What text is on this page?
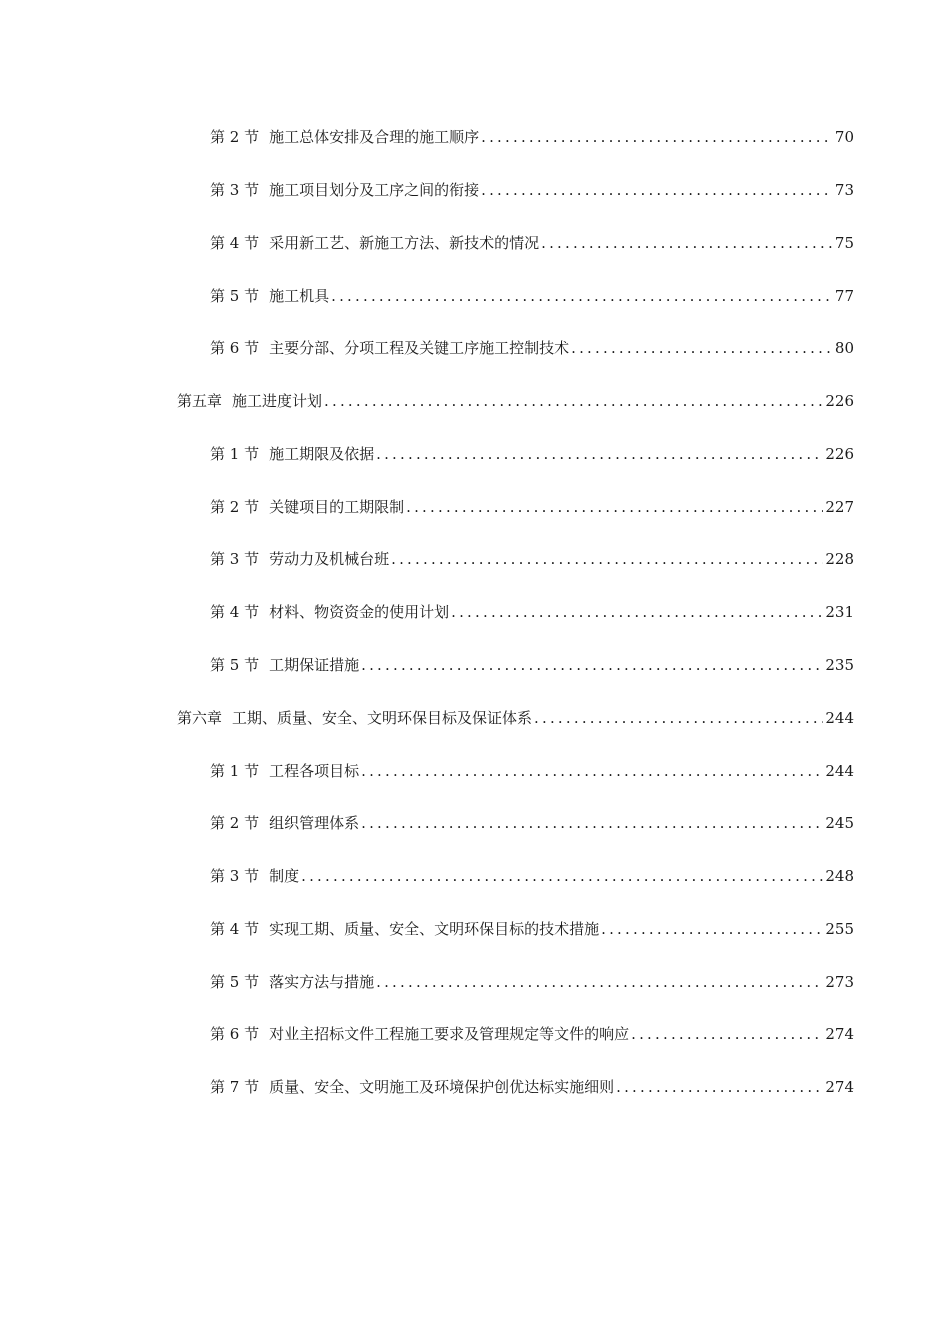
第 2 节 施工总体安排及合理的施工顺序 .....	70
第 3 节 施工项目划分及工序之间的衔接 .....	73
第 4 节 采用新工艺、新施工方法、新技术的情况 .....	75
第 5 节 施工机具 .....	77
第 6 节 主要分部、分项工程及关键工序施工控制技术 .....	80
第五章 施工进度计划 .....	226
第 1 节 施工期限及依据 .....	226
第 2 节 关键项目的工期限制 .....	227
第 3 节 劳动力及机械台班 .....	228
第 4 节 材料、物资资金的使用计划 .....	231
第 5 节 工期保证措施 .....	235
第六章 工期、质量、安全、文明环保目标及保证体系 .....	244
第 1 节 工程各项目标 .....	244
第 2 节 组织管理体系 .....	245
第 3 节 制度 .....	248
第 4 节 实现工期、质量、安全、文明环保目标的技术措施 .....	255
第 5 节 落实方法与措施 .....	273
第 6 节 对业主招标文件工程施工要求及管理规定等文件的响应 .....	274
第 7 节 质量、安全、文明施工及环境保护创优达标实施细则 .....	274
